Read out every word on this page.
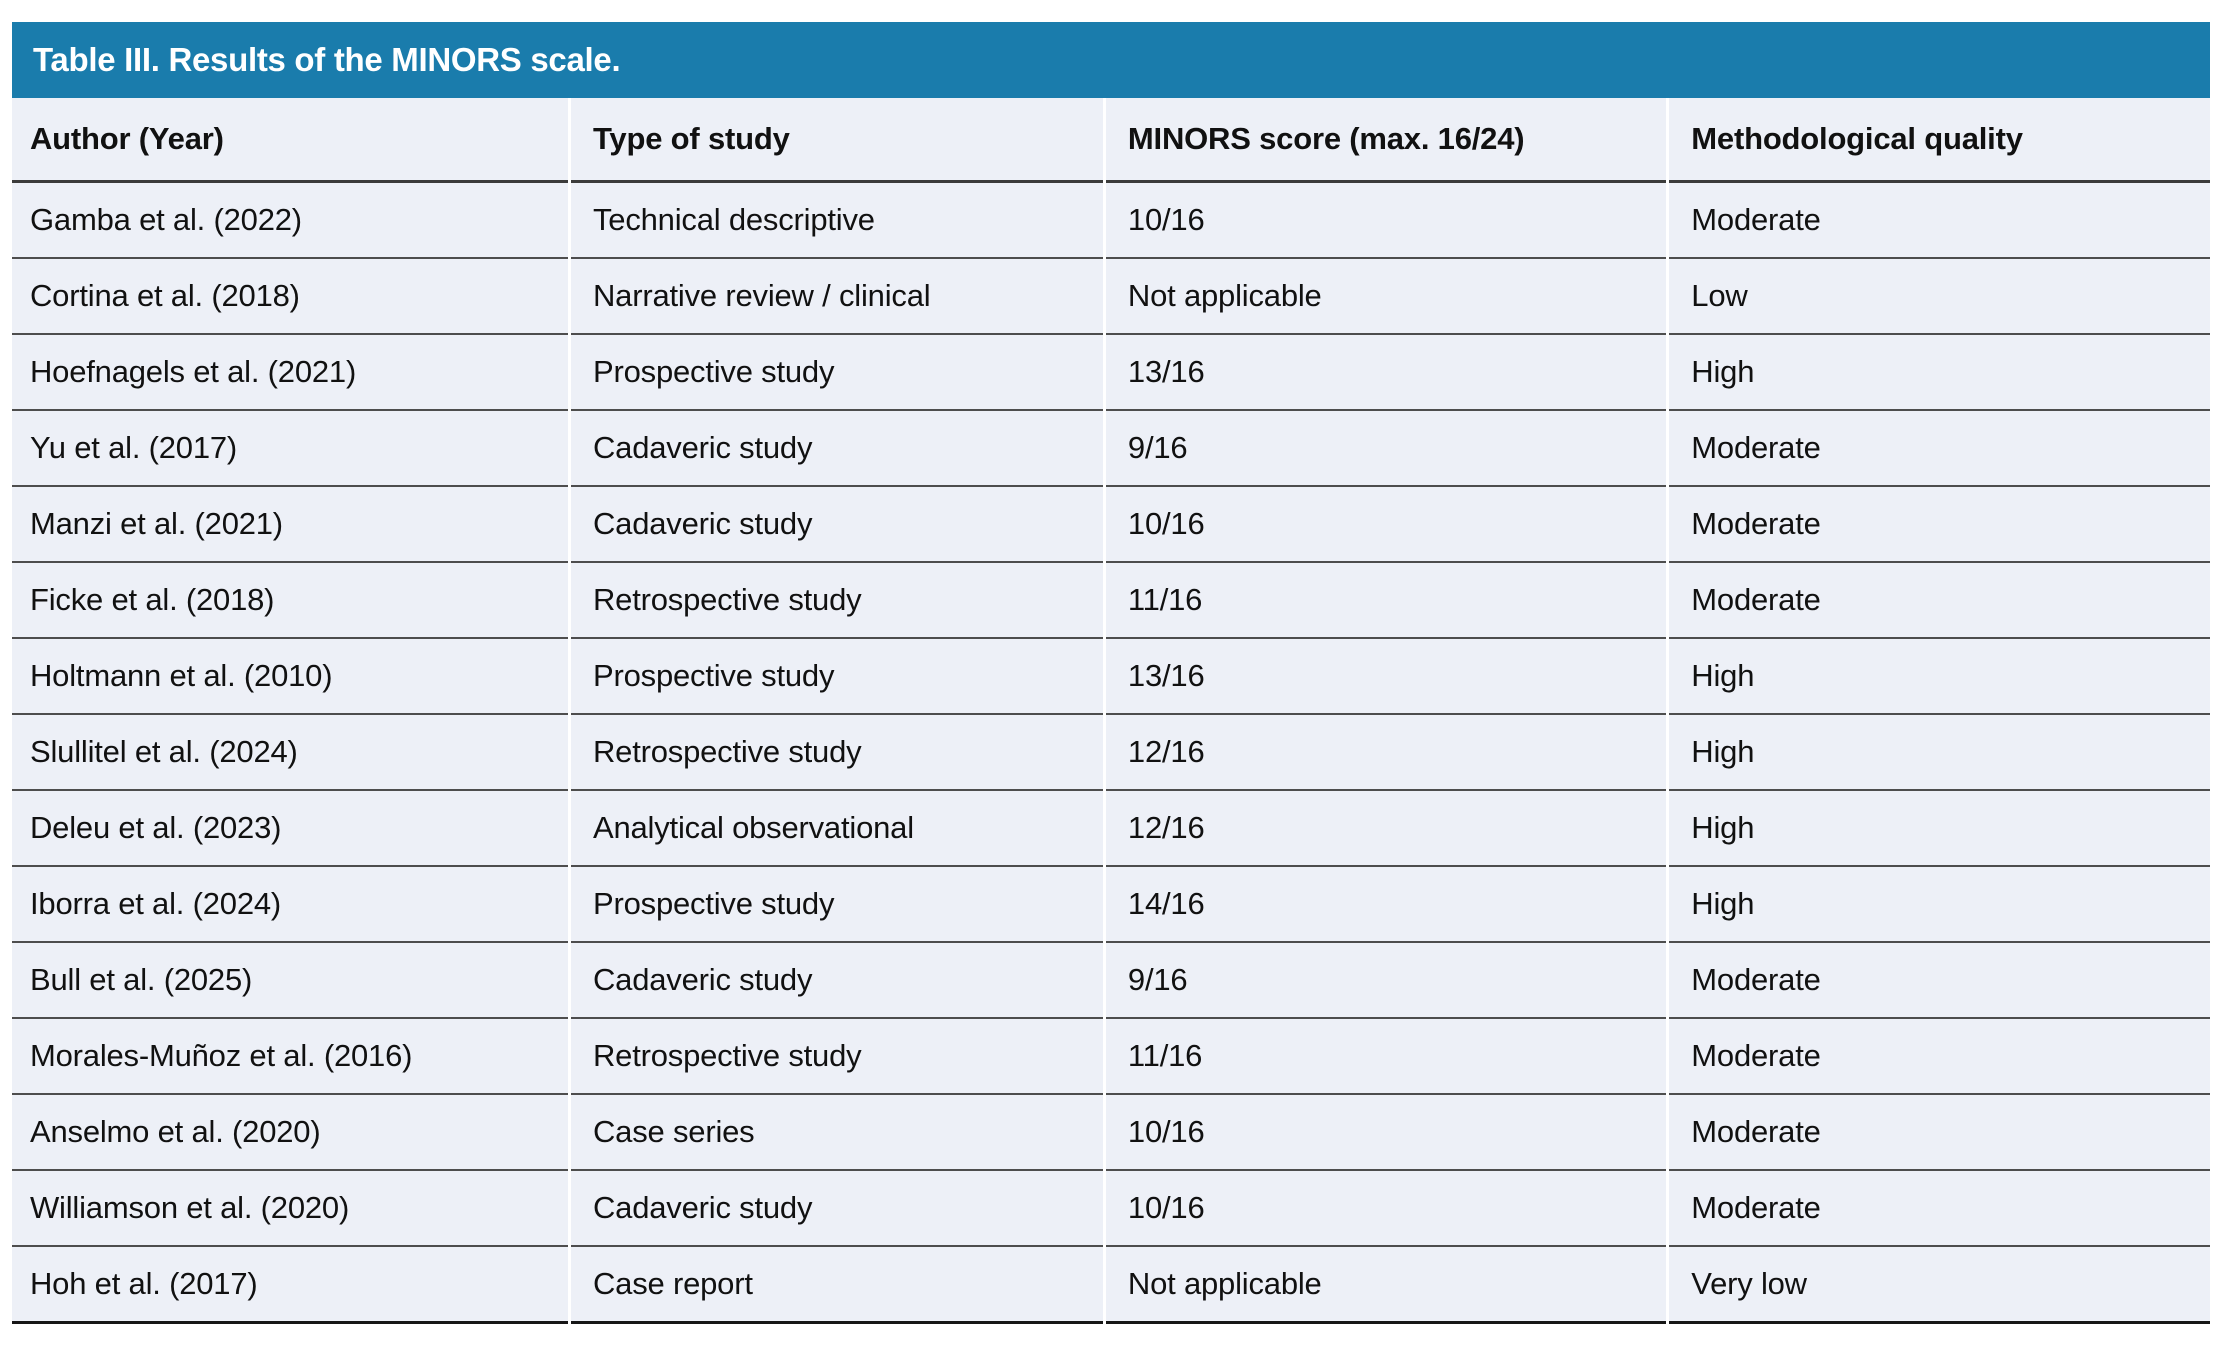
Table III. Results of the MINORS scale.
Author (Year)	Type of study	MINORS score (max. 16/24)	Methodological quality
Gamba et al. (2022)	Technical descriptive	10/16	Moderate
Cortina et al. (2018)	Narrative review / clinical	Not applicable	Low
Hoefnagels et al. (2021)	Prospective study	13/16	High
Yu et al. (2017)	Cadaveric study	9/16	Moderate
Manzi et al. (2021)	Cadaveric study	10/16	Moderate
Ficke et al. (2018)	Retrospective study	11/16	Moderate
Holtmann et al. (2010)	Prospective study	13/16	High
Slullitel et al. (2024)	Retrospective study	12/16	High
Deleu et al. (2023)	Analytical observational	12/16	High
Iborra et al. (2024)	Prospective study	14/16	High
Bull et al. (2025)	Cadaveric study	9/16	Moderate
Morales-Muñoz et al. (2016)	Retrospective study	11/16	Moderate
Anselmo et al. (2020)	Case series	10/16	Moderate
Williamson et al. (2020)	Cadaveric study	10/16	Moderate
Hoh et al. (2017)	Case report	Not applicable	Very low
